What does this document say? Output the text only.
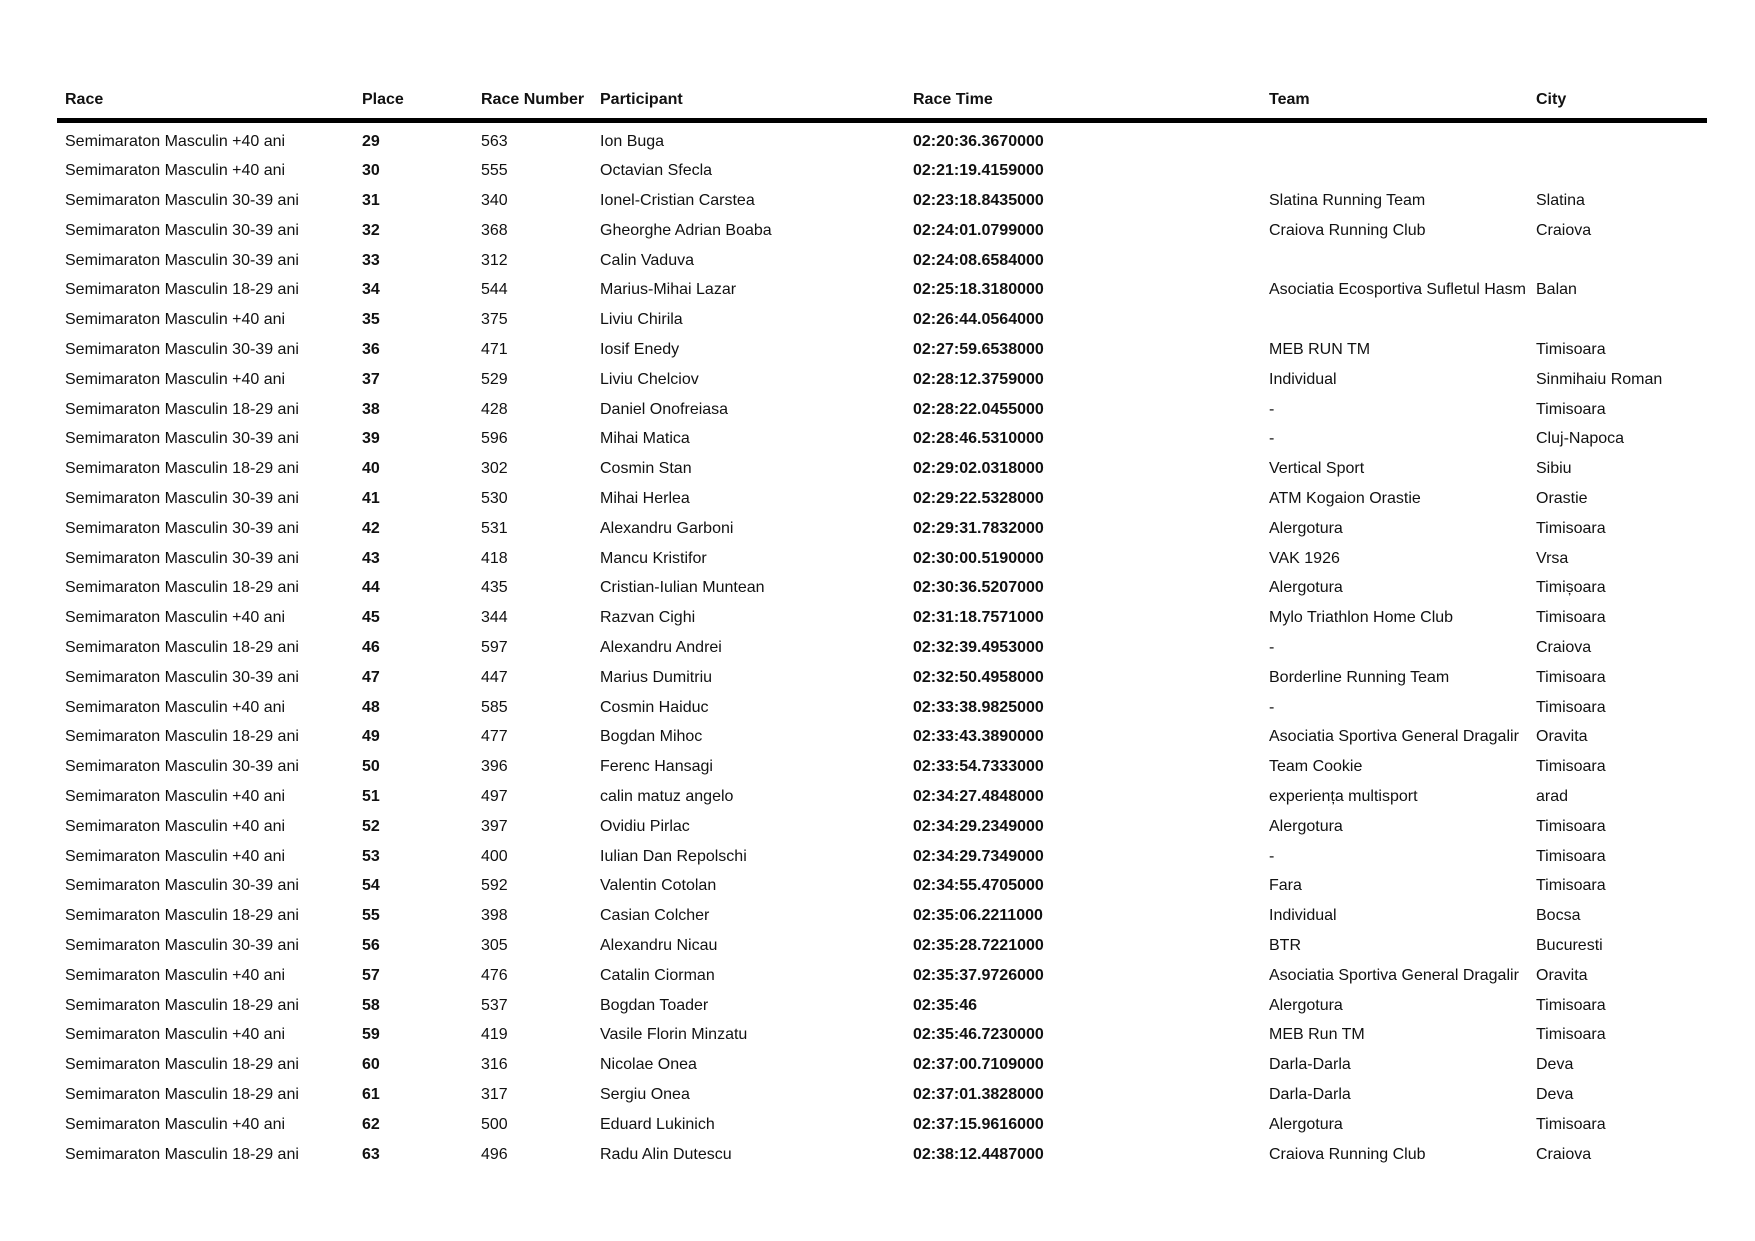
Race	Place	Race Number	Participant	Race Time	Team	City
Semimaraton Masculin +40 ani	29	563	Ion Buga	02:20:36.3670000		
Semimaraton Masculin +40 ani	30	555	Octavian Sfecla	02:21:19.4159000		
Semimaraton Masculin 30-39 ani	31	340	Ionel-Cristian Carstea	02:23:18.8435000	Slatina Running Team	Slatina
Semimaraton Masculin 30-39 ani	32	368	Gheorghe Adrian Boaba	02:24:01.0799000	Craiova Running Club	Craiova
Semimaraton Masculin 30-39 ani	33	312	Calin Vaduva	02:24:08.6584000		
Semimaraton Masculin 18-29 ani	34	544	Marius-Mihai Lazar	02:25:18.3180000	Asociatia Ecosportiva Sufletul Hasm	Balan
Semimaraton Masculin +40 ani	35	375	Liviu Chirila	02:26:44.0564000		
Semimaraton Masculin 30-39 ani	36	471	Iosif Enedy	02:27:59.6538000	MEB RUN TM	Timisoara
Semimaraton Masculin +40 ani	37	529	Liviu Chelciov	02:28:12.3759000	Individual	Sinmihaiu Roman
Semimaraton Masculin 18-29 ani	38	428	Daniel Onofreiasa	02:28:22.0455000	-	Timisoara
Semimaraton Masculin 30-39 ani	39	596	Mihai Matica	02:28:46.5310000	-	Cluj-Napoca
Semimaraton Masculin 18-29 ani	40	302	Cosmin Stan	02:29:02.0318000	Vertical Sport	Sibiu
Semimaraton Masculin 30-39 ani	41	530	Mihai Herlea	02:29:22.5328000	ATM Kogaion Orastie	Orastie
Semimaraton Masculin 30-39 ani	42	531	Alexandru Garboni	02:29:31.7832000	Alergotura	Timisoara
Semimaraton Masculin 30-39 ani	43	418	Mancu Kristifor	02:30:00.5190000	VAK 1926	Vrsa
Semimaraton Masculin 18-29 ani	44	435	Cristian-Iulian Muntean	02:30:36.5207000	Alergotura	Timișoara
Semimaraton Masculin +40 ani	45	344	Razvan Cighi	02:31:18.7571000	Mylo Triathlon Home Club	Timisoara
Semimaraton Masculin 18-29 ani	46	597	Alexandru Andrei	02:32:39.4953000	-	Craiova
Semimaraton Masculin 30-39 ani	47	447	Marius Dumitriu	02:32:50.4958000	Borderline Running Team	Timisoara
Semimaraton Masculin +40 ani	48	585	Cosmin Haiduc	02:33:38.9825000	-	Timisoara
Semimaraton Masculin 18-29 ani	49	477	Bogdan Mihoc	02:33:43.3890000	Asociatia Sportiva General Dragalir	Oravita
Semimaraton Masculin 30-39 ani	50	396	Ferenc Hansagi	02:33:54.7333000	Team Cookie	Timisoara
Semimaraton Masculin +40 ani	51	497	calin matuz angelo	02:34:27.4848000	experiența multisport	arad
Semimaraton Masculin +40 ani	52	397	Ovidiu Pirlac	02:34:29.2349000	Alergotura	Timisoara
Semimaraton Masculin +40 ani	53	400	Iulian Dan Repolschi	02:34:29.7349000	-	Timisoara
Semimaraton Masculin 30-39 ani	54	592	Valentin Cotolan	02:34:55.4705000	Fara	Timisoara
Semimaraton Masculin 18-29 ani	55	398	Casian Colcher	02:35:06.2211000	Individual	Bocsa
Semimaraton Masculin 30-39 ani	56	305	Alexandru Nicau	02:35:28.7221000	BTR	Bucuresti
Semimaraton Masculin +40 ani	57	476	Catalin Ciorman	02:35:37.9726000	Asociatia Sportiva General Dragalir	Oravita
Semimaraton Masculin 18-29 ani	58	537	Bogdan Toader	02:35:46	Alergotura	Timisoara
Semimaraton Masculin +40 ani	59	419	Vasile Florin Minzatu	02:35:46.7230000	MEB Run TM	Timisoara
Semimaraton Masculin 18-29 ani	60	316	Nicolae Onea	02:37:00.7109000	Darla-Darla	Deva
Semimaraton Masculin 18-29 ani	61	317	Sergiu Onea	02:37:01.3828000	Darla-Darla	Deva
Semimaraton Masculin +40 ani	62	500	Eduard Lukinich	02:37:15.9616000	Alergotura	Timisoara
Semimaraton Masculin 18-29 ani	63	496	Radu Alin Dutescu	02:38:12.4487000	Craiova Running Club	Craiova
